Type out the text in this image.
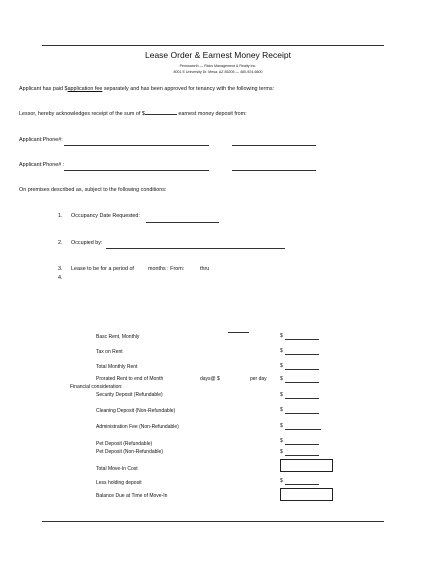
Lease Order & Earnest Money Receipt
Pennsworth — Ricks Management & Realty Inc.
8001 E University Dr. Mesa, AZ 85205 — 480-924-6600
Applicant has paid $application fee separately and has been approved for tenancy with the following terms:
Lessor, hereby acknowledges receipt of the sum of $	earnest money deposit from:
Applicant:Phone#:
Applicant:Phone# :
On premises described as, subject to the following conditions:
1. Occupancy Date Requested:
2. Occupied by:
3. Lease to be for a period of	months : From:	thru
4.
Basc Rent, Monthly	$
Tax on Rent	$
Total Monthly Rent	$
Prorated Rent to end of Month	days@ $	per day	$
Financial consideration:
Security Deposit (Refundable)	$
Cleaning Deposit (Non-Refundable)	$
Administration Fee (Non-Refundable)	$
Pet Deposit (Refundable)	$
Pet Deposit (Non-Refundable)	$
Total Move-In Cost
Less holding deposit	$
Balance Due at Time of Move-In
